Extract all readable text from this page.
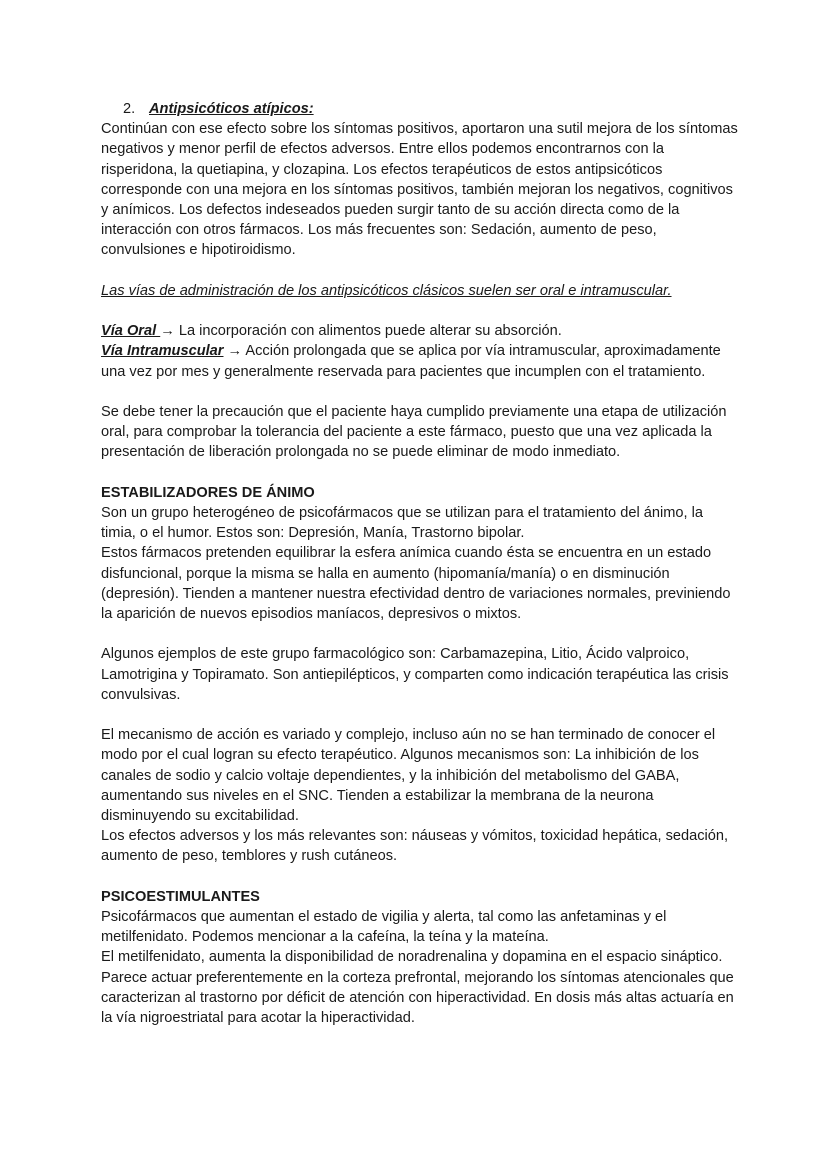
2. Antipsicóticos atípicos:

Continúan con ese efecto sobre los síntomas positivos, aportaron una sutil mejora de los síntomas negativos y menor perfil de efectos adversos. Entre ellos podemos encontrarnos con la risperidona, la quetiapina, y clozapina. Los efectos terapéuticos de estos antipsicóticos corresponde con una mejora en los síntomas positivos, también mejoran los negativos, cognitivos y anímicos. Los defectos indeseados pueden surgir tanto de su acción directa como de la interacción con otros fármacos. Los más frecuentes son: Sedación, aumento de peso, convulsiones e hipotiroidismo.

Las vías de administración de los antipsicóticos clásicos suelen ser oral e intramuscular.

Vía Oral → La incorporación con alimentos puede alterar su absorción.

Vía Intramuscular → Acción prolongada que se aplica por vía intramuscular, aproximadamente una vez por mes y generalmente reservada para pacientes que incumplen con el tratamiento.

Se debe tener la precaución que el paciente haya cumplido previamente una etapa de utilización oral, para comprobar la tolerancia del paciente a este fármaco, puesto que una vez aplicada la presentación de liberación prolongada no se puede eliminar de modo inmediato.

ESTABILIZADORES DE ÁNIMO

Son un grupo heterogéneo de psicofármacos que se utilizan para el tratamiento del ánimo, la timia, o el humor. Estos son: Depresión, Manía, Trastorno bipolar.

Estos fármacos pretenden equilibrar la esfera anímica cuando ésta se encuentra en un estado disfuncional, porque la misma se halla en aumento (hipomanía/manía) o en disminución (depresión). Tienden a mantener nuestra efectividad dentro de variaciones normales, previniendo la aparición de nuevos episodios maníacos, depresivos o mixtos.

Algunos ejemplos de este grupo farmacológico son: Carbamazepina, Litio, Ácido valproico, Lamotrigina y Topiramato. Son antiepilépticos, y comparten como indicación terapéutica las crisis convulsivas.

El mecanismo de acción es variado y complejo, incluso aún no se han terminado de conocer el modo por el cual logran su efecto terapéutico. Algunos mecanismos son: La inhibición de los canales de sodio y calcio voltaje dependientes, y la inhibición del metabolismo del GABA, aumentando sus niveles en el SNC. Tienden a estabilizar la membrana de la neurona disminuyendo su excitabilidad.

Los efectos adversos y los más relevantes son: náuseas y vómitos, toxicidad hepática, sedación, aumento de peso, temblores y rush cutáneos.

PSICOESTIMULANTES

Psicofármacos que aumentan el estado de vigilia y alerta, tal como las anfetaminas y el metilfenidato. Podemos mencionar a la cafeína, la teína y la mateína.

El metilfenidato, aumenta la disponibilidad de noradrenalina y dopamina en el espacio sináptico. Parece actuar preferentemente en la corteza prefrontal, mejorando los síntomas atencionales que caracterizan al trastorno por déficit de atención con hiperactividad. En dosis más altas actuaría en la vía nigroestriatal para acotar la hiperactividad.
